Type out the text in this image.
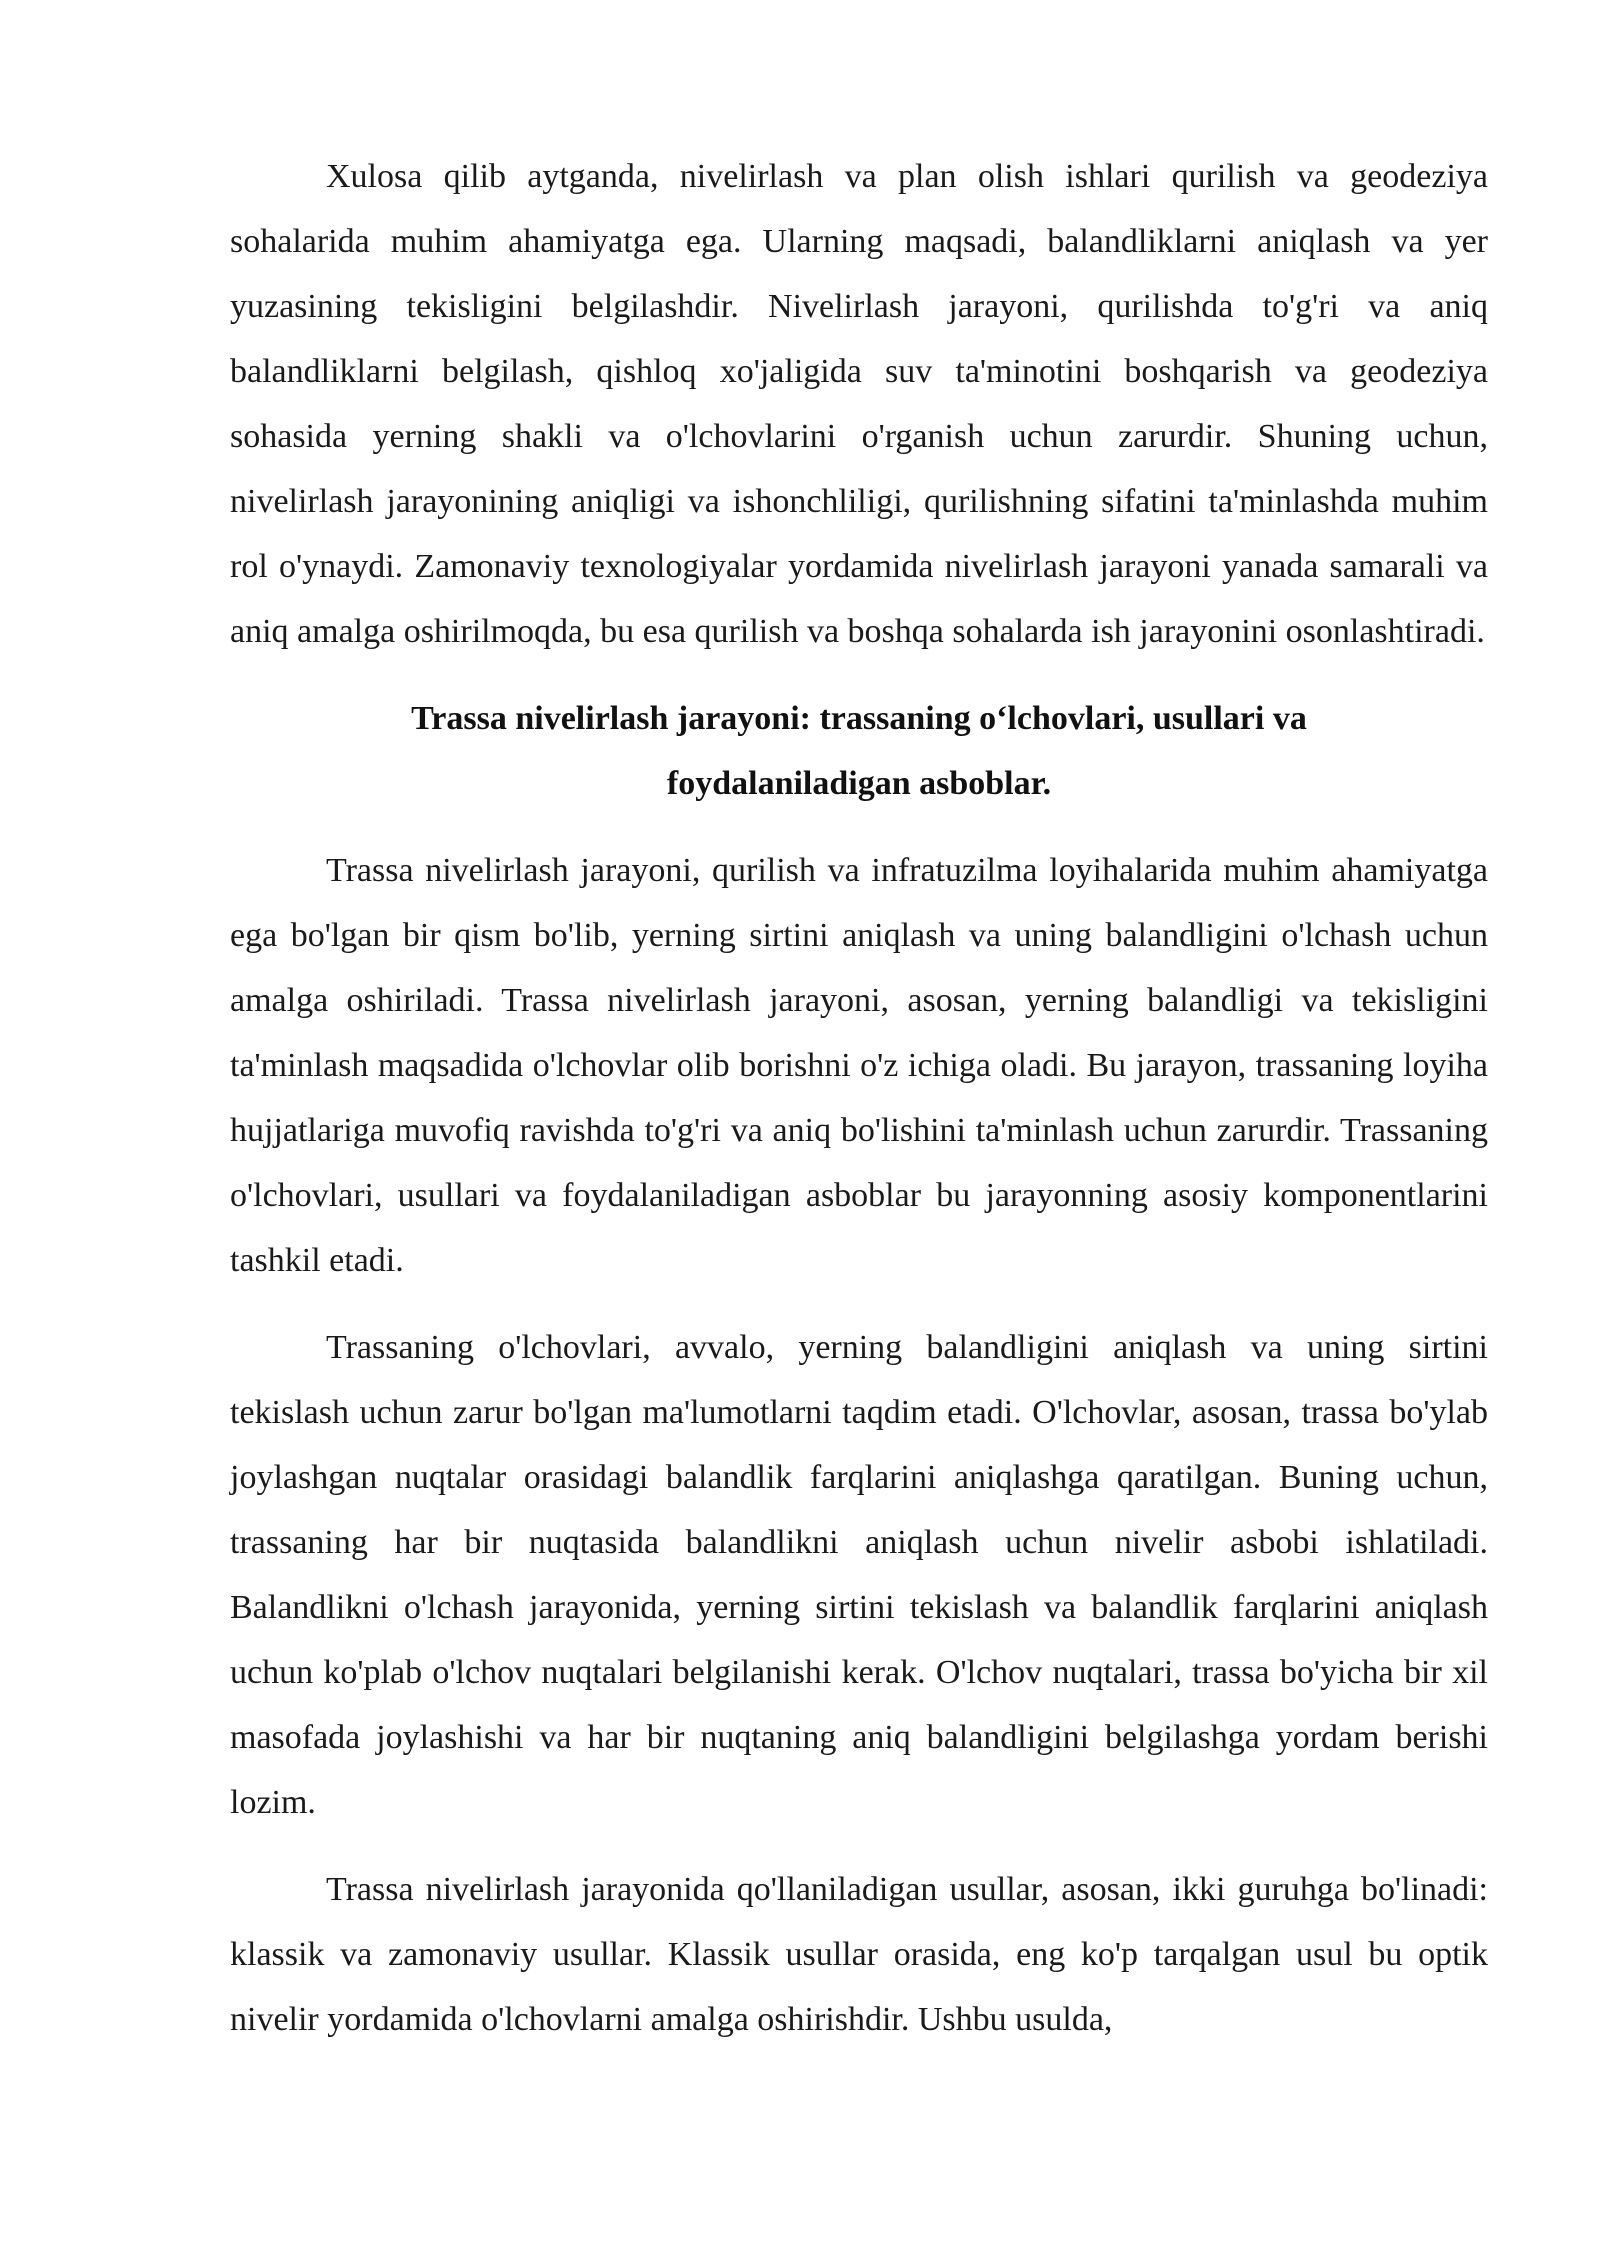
Xulosa qilib aytganda, nivelirlash va plan olish ishlari qurilish va geodeziya sohalarida muhim ahamiyatga ega. Ularning maqsadi, balandliklarni aniqlash va yer yuzasining tekisligini belgilashdir. Nivelirlash jarayoni, qurilishda to'g'ri va aniq balandliklarni belgilash, qishloq xo'jaligida suv ta'minotini boshqarish va geodeziya sohasida yerning shakli va o'lchovlarini o'rganish uchun zarurdir. Shuning uchun, nivelirlash jarayonining aniqligi va ishonchliligi, qurilishning sifatini ta'minlashda muhim rol o'ynaydi. Zamonaviy texnologiyalar yordamida nivelirlash jarayoni yanada samarali va aniq amalga oshirilmoqda, bu esa qurilish va boshqa sohalarda ish jarayonini osonlashtiradi.

Trassa nivelirlash jarayoni: trassaning o‘lchovlari, usullari va foydalaniladigan asboblar.

Trassa nivelirlash jarayoni, qurilish va infratuzilma loyihalarida muhim ahamiyatga ega bo'lgan bir qism bo'lib, yerning sirtini aniqlash va uning balandligini o'lchash uchun amalga oshiriladi. Trassa nivelirlash jarayoni, asosan, yerning balandligi va tekisligini ta'minlash maqsadida o'lchovlar olib borishni o'z ichiga oladi. Bu jarayon, trassaning loyiha hujjatlariga muvofiq ravishda to'g'ri va aniq bo'lishini ta'minlash uchun zarurdir. Trassaning o'lchovlari, usullari va foydalaniladigan asboblar bu jarayonning asosiy komponentlarini tashkil etadi.

Trassaning o'lchovlari, avvalo, yerning balandligini aniqlash va uning sirtini tekislash uchun zarur bo'lgan ma'lumotlarni taqdim etadi. O'lchovlar, asosan, trassa bo'ylab joylashgan nuqtalar orasidagi balandlik farqlarini aniqlashga qaratilgan. Buning uchun, trassaning har bir nuqtasida balandlikni aniqlash uchun nivelir asbobi ishlatiladi. Balandlikni o'lchash jarayonida, yerning sirtini tekislash va balandlik farqlarini aniqlash uchun ko'plab o'lchov nuqtalari belgilanishi kerak. O'lchov nuqtalari, trassa bo'yicha bir xil masofada joylashishi va har bir nuqtaning aniq balandligini belgilashga yordam berishi lozim.

Trassa nivelirlash jarayonida qo'llaniladigan usullar, asosan, ikki guruhga bo'linadi: klassik va zamonaviy usullar. Klassik usullar orasida, eng ko'p tarqalgan usul bu optik nivelir yordamida o'lchovlarni amalga oshirishdir. Ushbu usulda,
